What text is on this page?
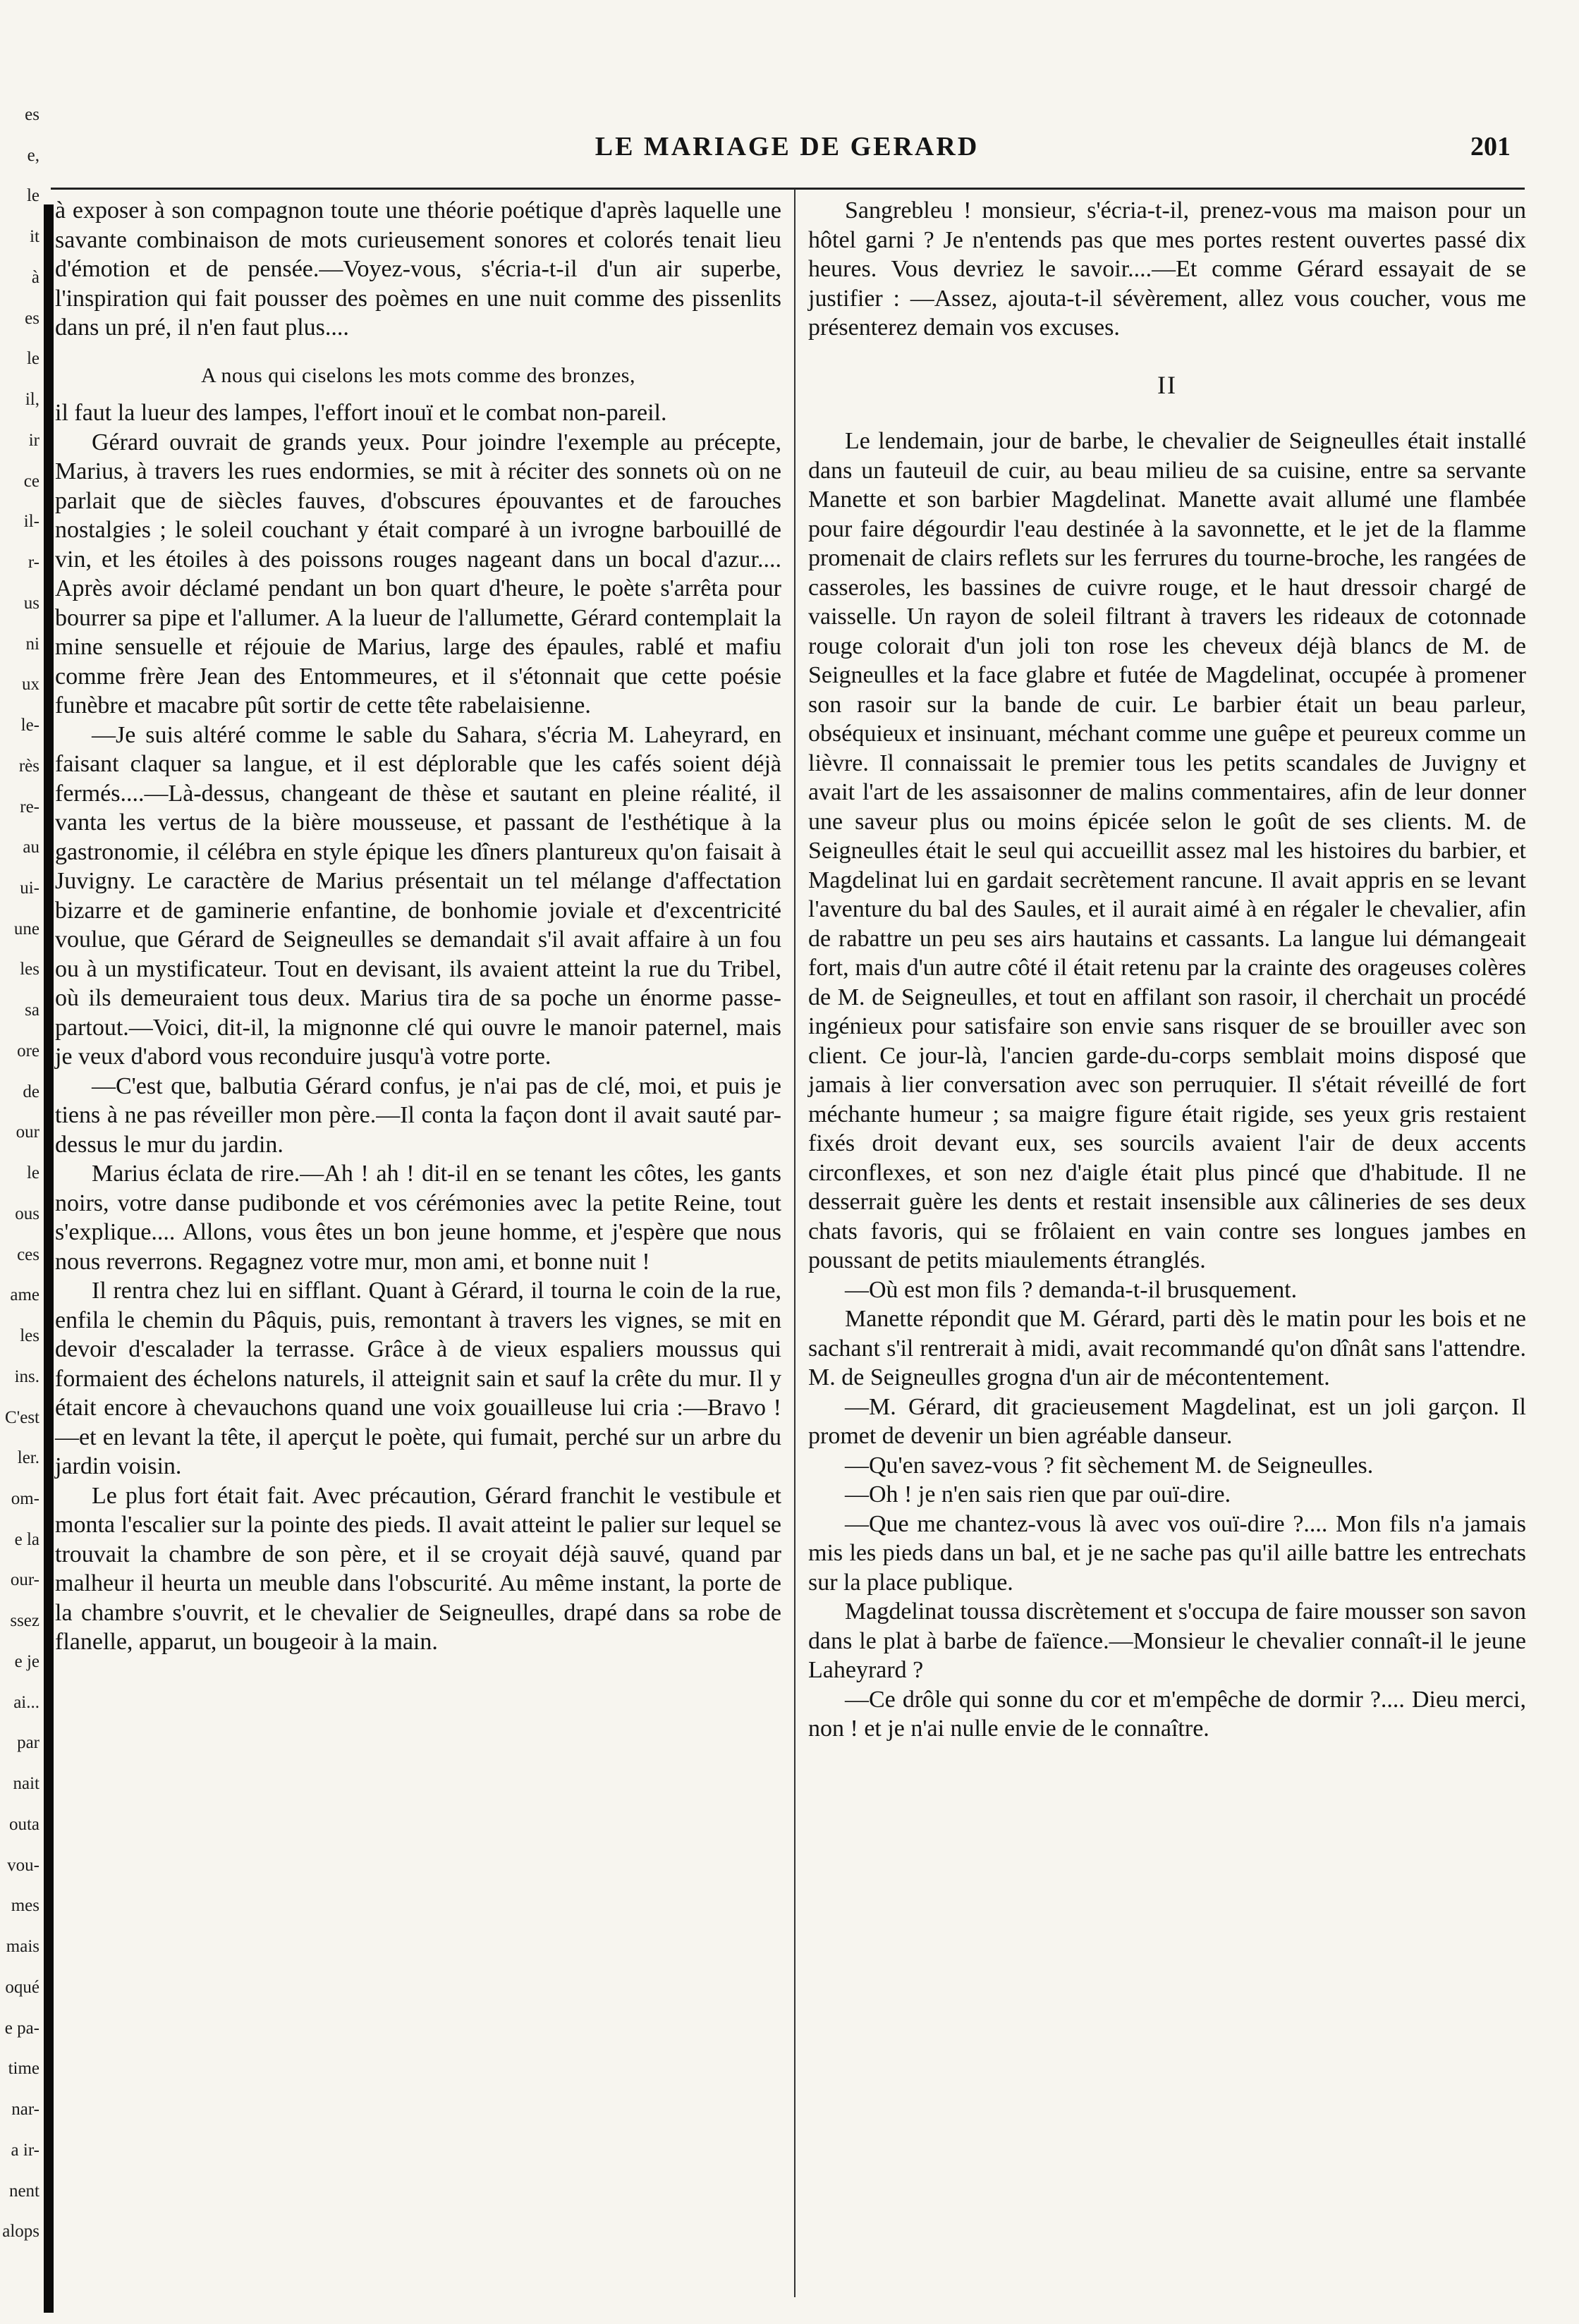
es
e,
le
it
à
es
le
il,
ir
ce
il-
r-
us
ni
ux
le-
rès
re-
au
ui-
une
les
sa
ore
de
our
le
ous
ces
ame
les
ins.
C'est
ler.
om-
e la
our-
ssez
e je
ai...
par
nait
outa
vou-
mes
mais
oqué
e pa-
time
nar-
a ir-
nent
alops
LE MARIAGE DE GERARD	201

à exposer à son compagnon toute une théorie poétique d'après laquelle une savante combinaison de mots curieusement sonores et colorés tenait lieu d'émotion et de pensée.—Voyez-vous, s'écria-t-il d'un air superbe, l'inspiration qui fait pousser des poèmes en une nuit comme des pissenlits dans un pré, il n'en faut plus....

A nous qui ciselons les mots comme des bronzes,

il faut la lueur des lampes, l'effort inouï et le combat non-pareil.

Gérard ouvrait de grands yeux. Pour joindre l'exemple au précepte, Marius, à travers les rues endormies, se mit à réciter des sonnets où on ne parlait que de siècles fauves, d'obscures épouvantes et de farouches nostalgies ; le soleil couchant y était comparé à un ivrogne barbouillé de vin, et les étoiles à des poissons rouges nageant dans un bocal d'azur.... Après avoir déclamé pendant un bon quart d'heure, le poète s'arrêta pour bourrer sa pipe et l'allumer. A la lueur de l'allumette, Gérard contemplait la mine sensuelle et réjouie de Marius, large des épaules, rablé et mafiu comme frère Jean des Entommeures, et il s'étonnait que cette poésie funèbre et macabre pût sortir de cette tête rabelaisienne.

—Je suis altéré comme le sable du Sahara, s'écria M. Laheyrard, en faisant claquer sa langue, et il est déplorable que les cafés soient déjà fermés....—Là-dessus, changeant de thèse et sautant en pleine réalité, il vanta les vertus de la bière mousseuse, et passant de l'esthétique à la gastronomie, il célébra en style épique les dîners plantureux qu'on faisait à Juvigny. Le caractère de Marius présentait un tel mélange d'affectation bizarre et de gaminerie enfantine, de bonhomie joviale et d'excentricité voulue, que Gérard de Seigneulles se demandait s'il avait affaire à un fou ou à un mystificateur. Tout en devisant, ils avaient atteint la rue du Tribel, où ils demeuraient tous deux. Marius tira de sa poche un énorme passe-partout.—Voici, dit-il, la mignonne clé qui ouvre le manoir paternel, mais je veux d'abord vous reconduire jusqu'à votre porte.

—C'est que, balbutia Gérard confus, je n'ai pas de clé, moi, et puis je tiens à ne pas réveiller mon père.—Il conta la façon dont il avait sauté par-dessus le mur du jardin.

Marius éclata de rire.—Ah ! ah ! dit-il en se tenant les côtes, les gants noirs, votre danse pudibonde et vos cérémonies avec la petite Reine, tout s'explique.... Allons, vous êtes un bon jeune homme, et j'espère que nous nous reverrons. Regagnez votre mur, mon ami, et bonne nuit !

Il rentra chez lui en sifflant. Quant à Gérard, il tourna le coin de la rue, enfila le chemin du Pâquis, puis, remontant à travers les vignes, se mit en devoir d'escalader la terrasse. Grâce à de vieux espaliers moussus qui formaient des échelons naturels, il atteignit sain et sauf la crête du mur. Il y était encore à chevauchons quand une voix gouailleuse lui cria :—Bravo !—et en levant la tête, il aperçut le poète, qui fumait, perché sur un arbre du jardin voisin.

Le plus fort était fait. Avec précaution, Gérard franchit le vestibule et monta l'escalier sur la pointe des pieds. Il avait atteint le palier sur lequel se trouvait la chambre de son père, et il se croyait déjà sauvé, quand par malheur il heurta un meuble dans l'obscurité. Au même instant, la porte de la chambre s'ouvrit, et le chevalier de Seigneulles, drapé dans sa robe de flanelle, apparut, un bougeoir à la main.

Sangrebleu ! monsieur, s'écria-t-il, prenez-vous ma maison pour un hôtel garni ? Je n'entends pas que mes portes restent ouvertes passé dix heures. Vous devriez le savoir....—Et comme Gérard essayait de se justifier : —Assez, ajouta-t-il sévèrement, allez vous coucher, vous me présenterez demain vos excuses.

II

Le lendemain, jour de barbe, le chevalier de Seigneulles était installé dans un fauteuil de cuir, au beau milieu de sa cuisine, entre sa servante Manette et son barbier Magdelinat. Manette avait allumé une flambée pour faire dégourdir l'eau destinée à la savonnette, et le jet de la flamme promenait de clairs reflets sur les ferrures du tourne-broche, les rangées de casseroles, les bassines de cuivre rouge, et le haut dressoir chargé de vaisselle. Un rayon de soleil filtrant à travers les rideaux de cotonnade rouge colorait d'un joli ton rose les cheveux déjà blancs de M. de Seigneulles et la face glabre et futée de Magdelinat, occupée à promener son rasoir sur la bande de cuir. Le barbier était un beau parleur, obséquieux et insinuant, méchant comme une guêpe et peureux comme un lièvre. Il connaissait le premier tous les petits scandales de Juvigny et avait l'art de les assaisonner de malins commentaires, afin de leur donner une saveur plus ou moins épicée selon le goût de ses clients. M. de Seigneulles était le seul qui accueillit assez mal les histoires du barbier, et Magdelinat lui en gardait secrètement rancune. Il avait appris en se levant l'aventure du bal des Saules, et il aurait aimé à en régaler le chevalier, afin de rabattre un peu ses airs hautains et cassants. La langue lui démangeait fort, mais d'un autre côté il était retenu par la crainte des orageuses colères de M. de Seigneulles, et tout en affilant son rasoir, il cherchait un procédé ingénieux pour satisfaire son envie sans risquer de se brouiller avec son client. Ce jour-là, l'ancien garde-du-corps semblait moins disposé que jamais à lier conversation avec son perruquier. Il s'était réveillé de fort méchante humeur ; sa maigre figure était rigide, ses yeux gris restaient fixés droit devant eux, ses sourcils avaient l'air de deux accents circonflexes, et son nez d'aigle était plus pincé que d'habitude. Il ne desserrait guère les dents et restait insensible aux câlineries de ses deux chats favoris, qui se frôlaient en vain contre ses longues jambes en poussant de petits miaulements étranglés.

—Où est mon fils ? demanda-t-il brusquement.

Manette répondit que M. Gérard, parti dès le matin pour les bois et ne sachant s'il rentrerait à midi, avait recommandé qu'on dînât sans l'attendre. M. de Seigneulles grogna d'un air de mécontentement.

—M. Gérard, dit gracieusement Magdelinat, est un joli garçon. Il promet de devenir un bien agréable danseur.

—Qu'en savez-vous ? fit sèchement M. de Seigneulles.

—Oh ! je n'en sais rien que par ouï-dire.

—Que me chantez-vous là avec vos ouï-dire ?.... Mon fils n'a jamais mis les pieds dans un bal, et je ne sache pas qu'il aille battre les entrechats sur la place publique.

Magdelinat toussa discrètement et s'occupa de faire mousser son savon dans le plat à barbe de faïence.—Monsieur le chevalier connaît-il le jeune Laheyrard ?

—Ce drôle qui sonne du cor et m'empêche de dormir ?.... Dieu merci, non ! et je n'ai nulle envie de le connaître.
